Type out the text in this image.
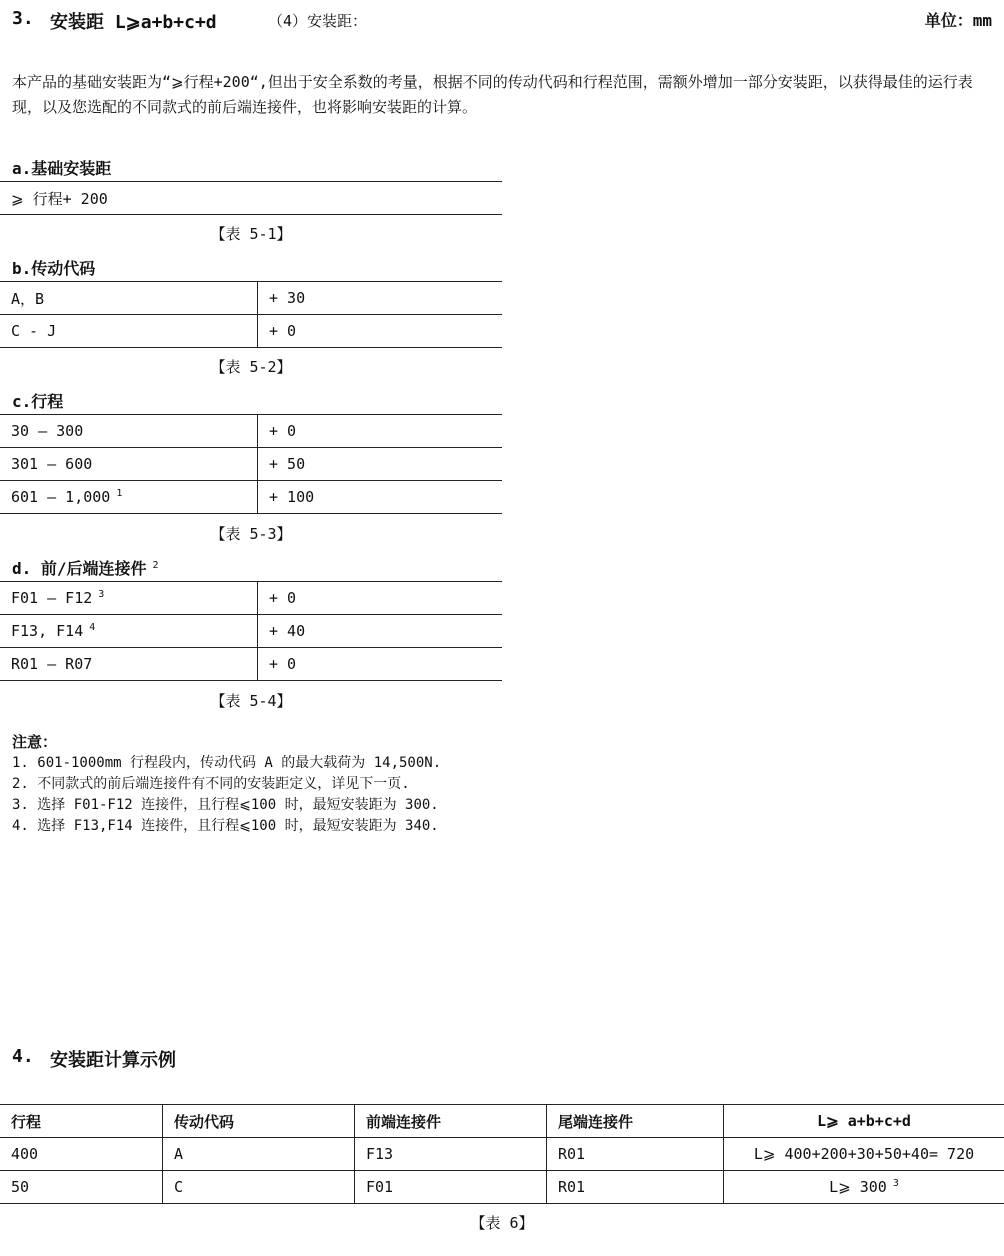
3. 安装距 L⩾a+b+c+d	（4）安装距：	单位：mm
本产品的基础安装距为“⩾行程+200“,但出于安全系数的考量，根据不同的传动代码和行程范围，需额外增加一部分安装距，以获得最佳的运行表现，以及您选配的不同款式的前后端连接件，也将影响安装距的计算。
a.基础安装距
⩾ 行程+ 200
【表 5-1】
b.传动代码
A，B	+ 30
C - J	+ 0
【表 5-2】
c.行程
30 – 300	+ 0
301 – 600	+ 50
601 – 1,000 $^1$	+ 100
【表 5-3】
d. 前/后端连接件 $^2$
F01 – F12 $^3$	+ 0
F13, F14 $^4$	+ 40
R01 – R07	+ 0
【表 5-4】
注意：
1. 601-1000mm 行程段内，传动代码 A 的最大载荷为 14,500N.
2. 不同款式的前后端连接件有不同的安装距定义，详见下一页.
3. 选择 F01-F12 连接件，且行程⩽100 时，最短安装距为 300.
4. 选择 F13,F14 连接件，且行程⩽100 时，最短安装距为 340.
4. 安装距计算示例
行程	传动代码	前端连接件	尾端连接件	L⩾ a+b+c+d
400	A	F13	R01	L⩾ 400+200+30+50+40= 720
50	C	F01	R01	L⩾ 300 $^3$
【表 6】
